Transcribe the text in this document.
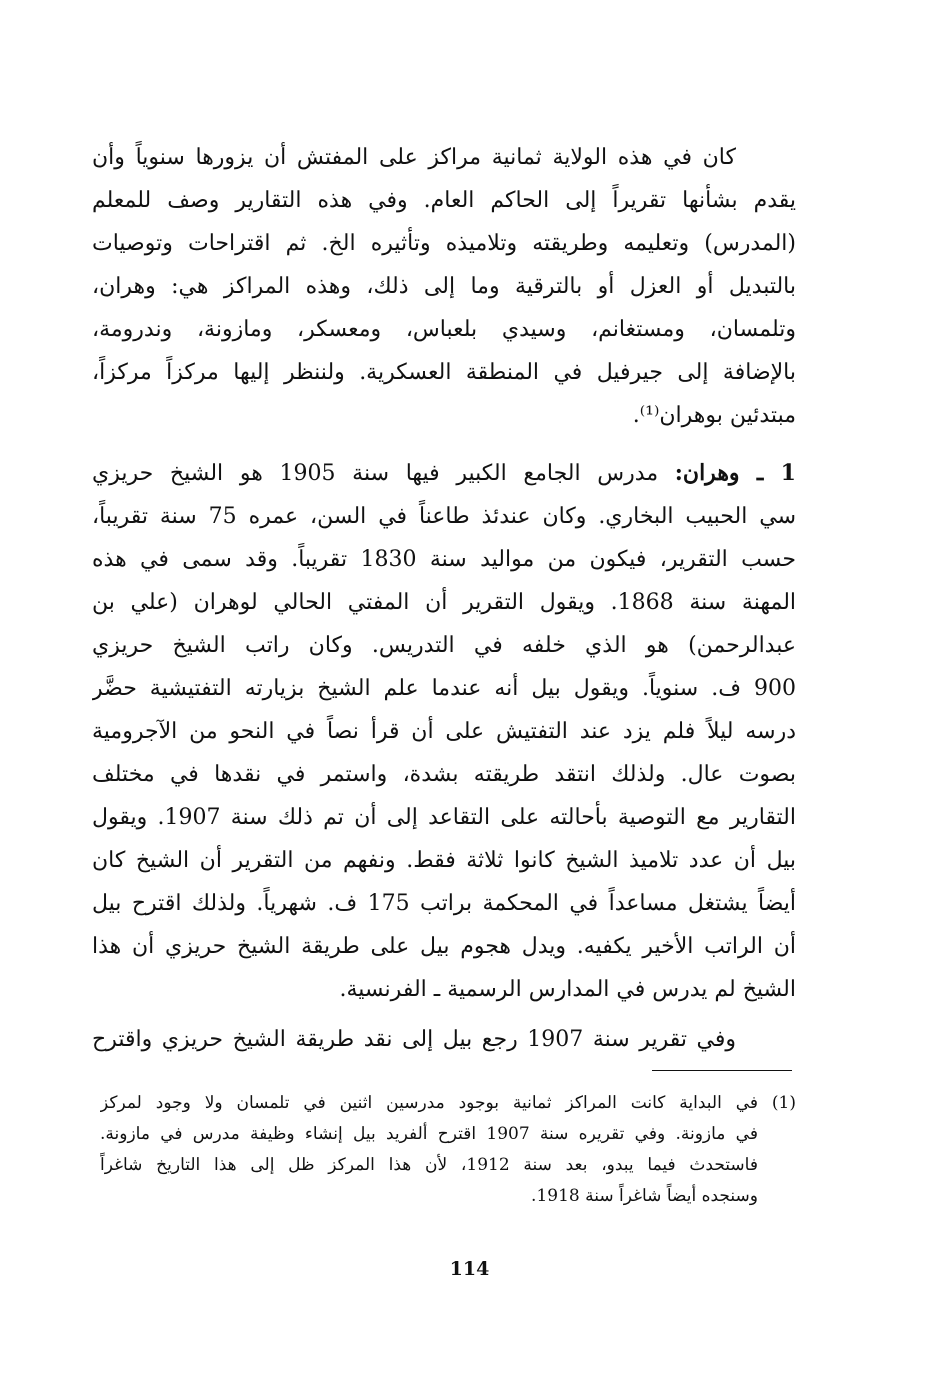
كان في هذه الولاية ثمانية مراكز على المفتش أن يزورها سنوياً وأن
يقدم بشأنها تقريراً إلى الحاكم العام. وفي هذه التقارير وصف للمعلم
(المدرس) وتعليمه وطريقته وتلاميذه وتأثيره الخ. ثم اقتراحات وتوصيات
بالتبديل أو العزل أو بالترقية وما إلى ذلك، وهذه المراكز هي: وهران،
وتلمسان، ومستغانم، وسيدي بلعباس، ومعسكر، ومازونة، وندرومة،
بالإضافة إلى جيرفيل في المنطقة العسكرية. ولننظر إليها مركزاً مركزاً،
مبتدئين بوهران⁽¹⁾.
1 ـ وهران: مدرس الجامع الكبير فيها سنة 1905 هو الشيخ حريزي
سي الحبيب البخاري. وكان عندئذ طاعناً في السن، عمره 75 سنة تقريباً،
حسب التقرير، فيكون من مواليد سنة 1830 تقريباً. وقد سمى في هذه
المهنة سنة 1868. ويقول التقرير أن المفتي الحالي لوهران (علي بن
عبدالرحمن) هو الذي خلفه في التدريس. وكان راتب الشيخ حريزي
900 ف. سنوياً. ويقول بيل أنه عندما علم الشيخ بزيارته التفتيشية حضَّر
درسه ليلاً فلم يزد عند التفتيش على أن قرأ نصاً في النحو من الآجرومية
بصوت عال. ولذلك انتقد طريقته بشدة، واستمر في نقدها في مختلف
التقارير مع التوصية بأحالته على التقاعد إلى أن تم ذلك سنة 1907. ويقول
بيل أن عدد تلاميذ الشيخ كانوا ثلاثة فقط. ونفهم من التقرير أن الشيخ كان
أيضاً يشتغل مساعداً في المحكمة براتب 175 ف. شهرياً. ولذلك اقترح بيل
أن الراتب الأخير يكفيه. ويدل هجوم بيل على طريقة الشيخ حريزي أن هذا
الشيخ لم يدرس في المدارس الرسمية ـ الفرنسية.
وفي تقرير سنة 1907 رجع بيل إلى نقد طريقة الشيخ حريزي واقترح
(1)في البداية كانت المراكز ثمانية بوجود مدرسين اثنين في تلمسان ولا وجود لمركز
في مازونة. وفي تقريره سنة 1907 اقترح ألفريد بيل إنشاء وظيفة مدرس في مازونة.
فاستحدث فيما يبدو، بعد سنة 1912، لأن هذا المركز ظل إلى هذا التاريخ شاغراً
وسنجده أيضاً شاغراً سنة 1918.
114
